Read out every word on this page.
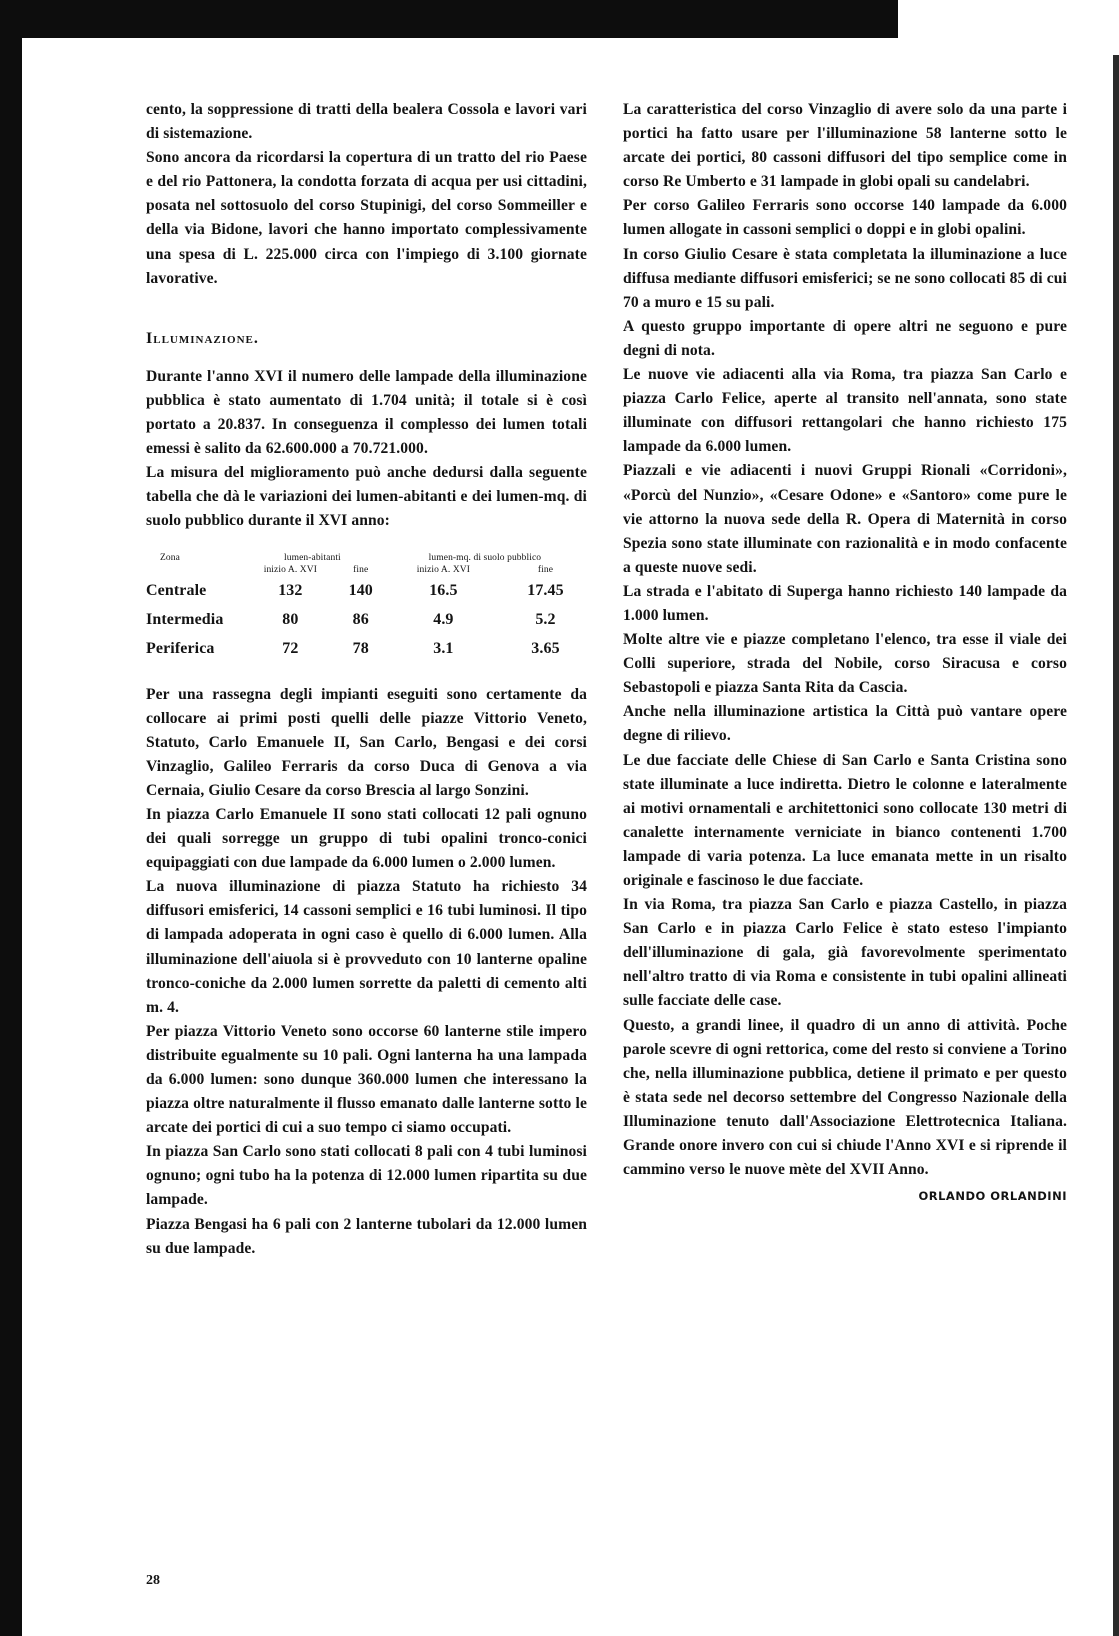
cento, la soppressione di tratti della bealera Cossola e lavori vari di sistemazione.

Sono ancora da ricordarsi la copertura di un tratto del rio Paese e del rio Pattonera, la condotta forzata di acqua per usi cittadini, posata nel sottosuolo del corso Stupinigi, del corso Sommeiller e della via Bidone, lavori che hanno importato complessivamente una spesa di L. 225.000 circa con l'impiego di 3.100 giornate lavorative.

Illuminazione.

Durante l'anno XVI il numero delle lampade della illuminazione pubblica è stato aumentato di 1.704 unità; il totale si è così portato a 20.837. In conseguenza il complesso dei lumen totali emessi è salito da 62.600.000 a 70.721.000.

La misura del miglioramento può anche dedursi dalla seguente tabella che dà le variazioni dei lumen-abitanti e dei lumen-mq. di suolo pubblico durante il XVI anno:

Zona	lumen-abitanti		lumen-mq. di suolo pubblico	
	inizio A. XVI	fine	inizio A. XVI	fine
Centrale	132	140	16.5	17.45
Intermedia	80	86	4.9	5.2
Periferica	72	78	3.1	3.65

Per una rassegna degli impianti eseguiti sono certamente da collocare ai primi posti quelli delle piazze Vittorio Veneto, Statuto, Carlo Emanuele II, San Carlo, Bengasi e dei corsi Vinzaglio, Galileo Ferraris da corso Duca di Genova a via Cernaia, Giulio Cesare da corso Brescia al largo Sonzini.

In piazza Carlo Emanuele II sono stati collocati 12 pali ognuno dei quali sorregge un gruppo di tubi opalini tronco-conici equipaggiati con due lampade da 6.000 lumen o 2.000 lumen.

La nuova illuminazione di piazza Statuto ha richiesto 34 diffusori emisferici, 14 cassoni semplici e 16 tubi luminosi. Il tipo di lampada adoperata in ogni caso è quello di 6.000 lumen. Alla illuminazione dell'aiuola si è provveduto con 10 lanterne opaline tronco-coniche da 2.000 lumen sorrette da paletti di cemento alti m. 4.

Per piazza Vittorio Veneto sono occorse 60 lanterne stile impero distribuite egualmente su 10 pali. Ogni lanterna ha una lampada da 6.000 lumen: sono dunque 360.000 lumen che interessano la piazza oltre naturalmente il flusso emanato dalle lanterne sotto le arcate dei portici di cui a suo tempo ci siamo occupati.

In piazza San Carlo sono stati collocati 8 pali con 4 tubi luminosi ognuno; ogni tubo ha la potenza di 12.000 lumen ripartita su due lampade.

Piazza Bengasi ha 6 pali con 2 lanterne tubolari da 12.000 lumen su due lampade.

La caratteristica del corso Vinzaglio di avere solo da una parte i portici ha fatto usare per l'illuminazione 58 lanterne sotto le arcate dei portici, 80 cassoni diffusori del tipo semplice come in corso Re Umberto e 31 lampade in globi opali su candelabri.

Per corso Galileo Ferraris sono occorse 140 lampade da 6.000 lumen allogate in cassoni semplici o doppi e in globi opalini.

In corso Giulio Cesare è stata completata la illuminazione a luce diffusa mediante diffusori emisferici; se ne sono collocati 85 di cui 70 a muro e 15 su pali.

A questo gruppo importante di opere altri ne seguono e pure degni di nota.

Le nuove vie adiacenti alla via Roma, tra piazza San Carlo e piazza Carlo Felice, aperte al transito nell'annata, sono state illuminate con diffusori rettangolari che hanno richiesto 175 lampade da 6.000 lumen.

Piazzali e vie adiacenti i nuovi Gruppi Rionali «Corridoni», «Porcù del Nunzio», «Cesare Odone» e «Santoro» come pure le vie attorno la nuova sede della R. Opera di Maternità in corso Spezia sono state illuminate con razionalità e in modo confacente a queste nuove sedi.

La strada e l'abitato di Superga hanno richiesto 140 lampade da 1.000 lumen.

Molte altre vie e piazze completano l'elenco, tra esse il viale dei Colli superiore, strada del Nobile, corso Siracusa e corso Sebastopoli e piazza Santa Rita da Cascia.

Anche nella illuminazione artistica la Città può vantare opere degne di rilievo.

Le due facciate delle Chiese di San Carlo e Santa Cristina sono state illuminate a luce indiretta. Dietro le colonne e lateralmente ai motivi ornamentali e architettonici sono collocate 130 metri di canalette internamente verniciate in bianco contenenti 1.700 lampade di varia potenza. La luce emanata mette in un risalto originale e fascinoso le due facciate.

In via Roma, tra piazza San Carlo e piazza Castello, in piazza San Carlo e in piazza Carlo Felice è stato esteso l'impianto dell'illuminazione di gala, già favorevolmente sperimentato nell'altro tratto di via Roma e consistente in tubi opalini allineati sulle facciate delle case.

Questo, a grandi linee, il quadro di un anno di attività. Poche parole scevre di ogni rettorica, come del resto si conviene a Torino che, nella illuminazione pubblica, detiene il primato e per questo è stata sede nel decorso settembre del Congresso Nazionale della Illuminazione tenuto dall'Associazione Elettrotecnica Italiana. Grande onore invero con cui si chiude l'Anno XVI e si riprende il cammino verso le nuove mète del XVII Anno.

ORLANDO ORLANDINI

28
